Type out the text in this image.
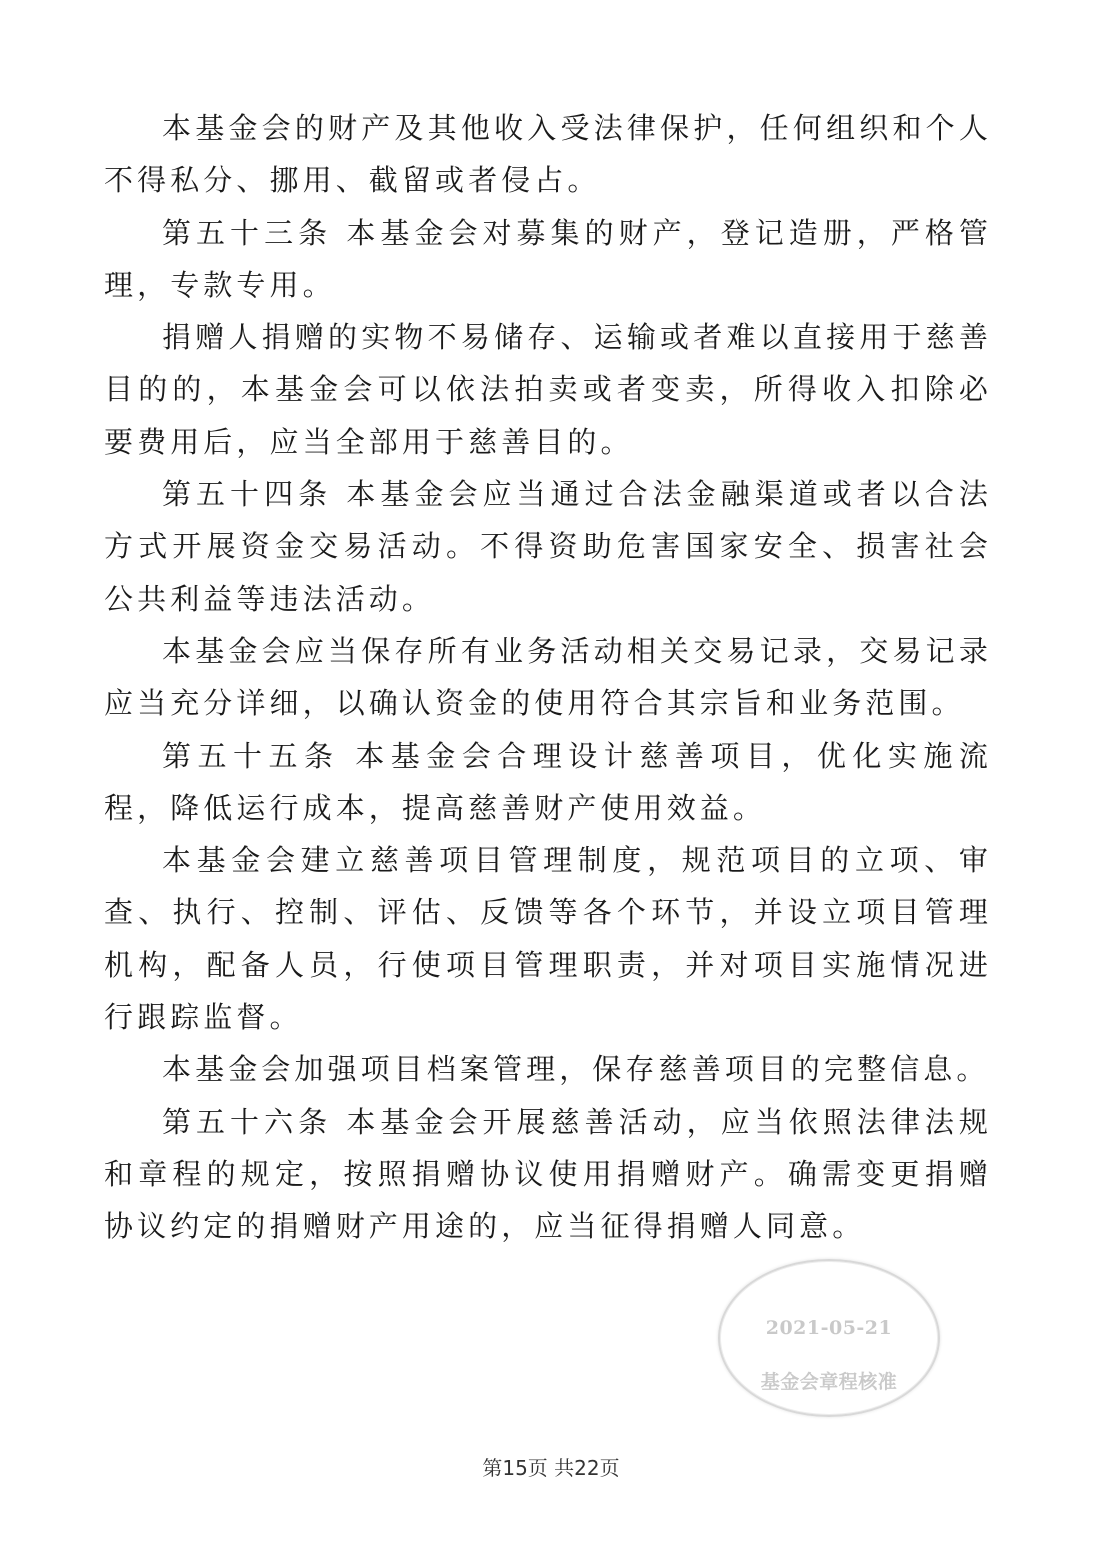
本基金会的财产及其他收入受法律保护，任何组织和个人不得私分、挪用、截留或者侵占。

第五十三条 本基金会对募集的财产，登记造册，严格管理，专款专用。

捐赠人捐赠的实物不易储存、运输或者难以直接用于慈善目的的，本基金会可以依法拍卖或者变卖，所得收入扣除必要费用后，应当全部用于慈善目的。

第五十四条 本基金会应当通过合法金融渠道或者以合法方式开展资金交易活动。不得资助危害国家安全、损害社会公共利益等违法活动。

本基金会应当保存所有业务活动相关交易记录，交易记录应当充分详细，以确认资金的使用符合其宗旨和业务范围。

第五十五条 本基金会合理设计慈善项目，优化实施流程，降低运行成本，提高慈善财产使用效益。

本基金会建立慈善项目管理制度，规范项目的立项、审查、执行、控制、评估、反馈等各个环节，并设立项目管理机构，配备人员，行使项目管理职责，并对项目实施情况进行跟踪监督。

本基金会加强项目档案管理，保存慈善项目的完整信息。

第五十六条 本基金会开展慈善活动，应当依照法律法规和章程的规定，按照捐赠协议使用捐赠财产。确需变更捐赠协议约定的捐赠财产用途的，应当征得捐赠人同意。

2021-05-21
基金会章程核准
第15页 共22页
